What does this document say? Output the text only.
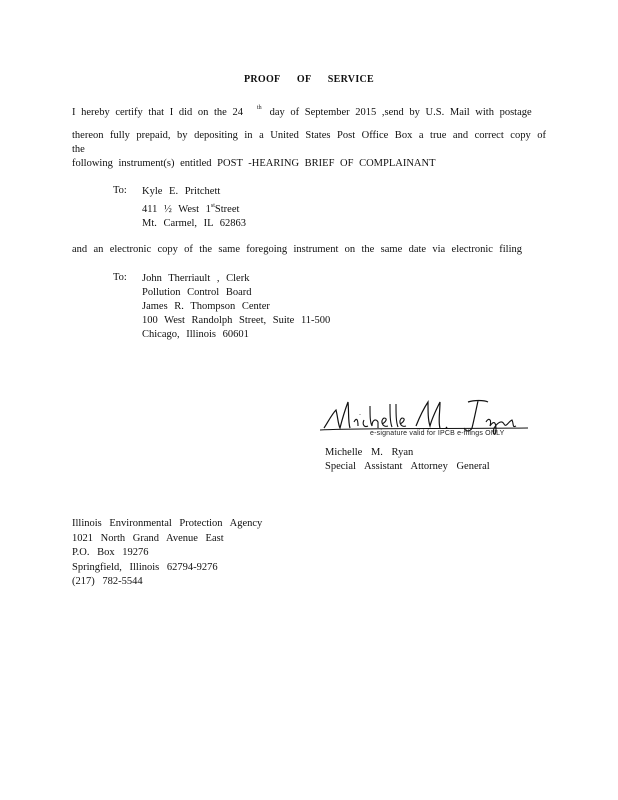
PROOF OF SERVICE
I hereby certify that I did on the 24 $^{th}$ day of September 2015 ,send by U.S. Mail with postage
thereon fully prepaid, by depositing in a United States Post Office Box a true and correct copy of the
following instrument(s) entitled POST -HEARING BRIEF OF COMPLAINANT
To: Kyle E. Pritchett
411 ½ West 1stStreet
Mt. Carmel, IL 62863
and an electronic copy of the same foregoing instrument on the same date via electronic filing
To: John Therriault , Clerk
Pollution Control Board
James R. Thompson Center
100 West Randolph Street, Suite 11-500
Chicago, Illinois 60601
e-signature valid for IPCB e-filings ONLY
Michelle M. Ryan
Special Assistant Attorney General
Illinois Environmental Protection Agency
1021 North Grand Avenue East
P.O. Box 19276
Springfield, Illinois 62794-9276
(217) 782-5544
